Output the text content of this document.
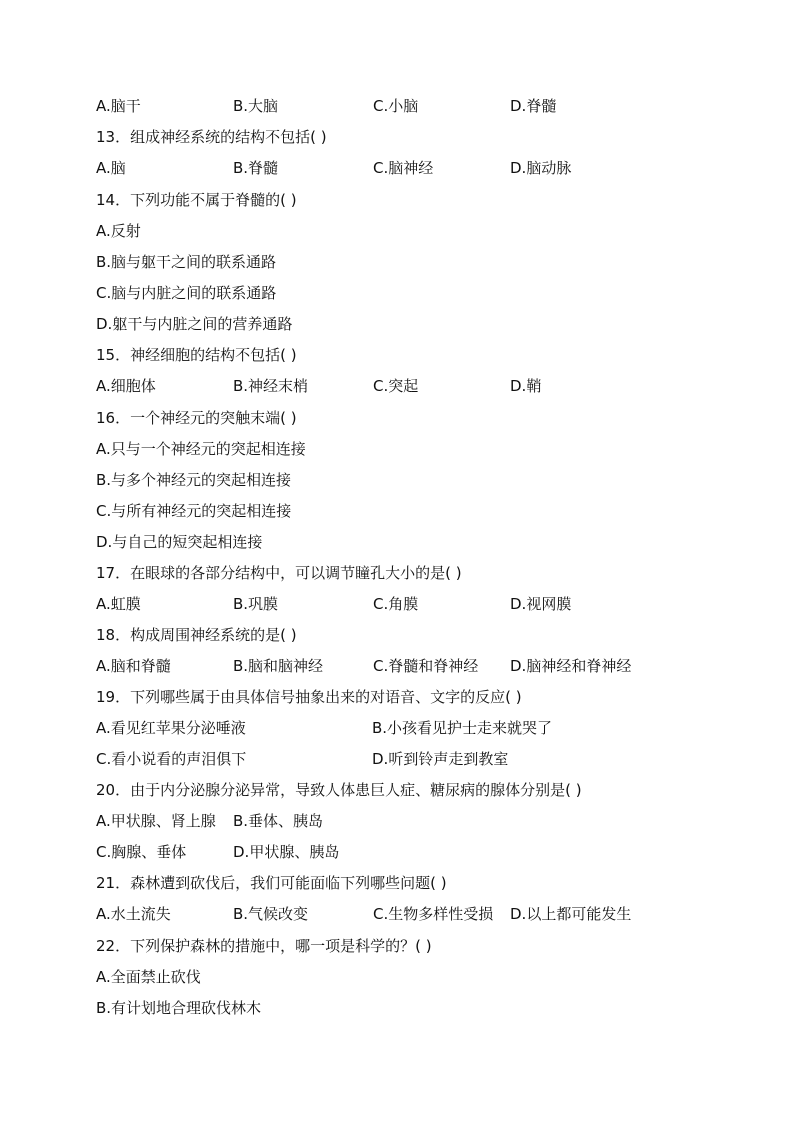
A.脑干	B.大脑	C.小脑	D.脊髓
13．组成神经系统的结构不包括( )
A.脑	B.脊髓	C.脑神经	D.脑动脉
14．下列功能不属于脊髓的( )
A.反射
B.脑与躯干之间的联系通路
C.脑与内脏之间的联系通路
D.躯干与内脏之间的营养通路
15．神经细胞的结构不包括( )
A.细胞体	B.神经末梢	C.突起	D.鞘
16．一个神经元的突触末端( )
A.只与一个神经元的突起相连接
B.与多个神经元的突起相连接
C.与所有神经元的突起相连接
D.与自己的短突起相连接
17．在眼球的各部分结构中，可以调节瞳孔大小的是( )
A.虹膜	B.巩膜	C.角膜	D.视网膜
18．构成周围神经系统的是( )
A.脑和脊髓	B.脑和脑神经	C.脊髓和脊神经 D.脑神经和脊神经
19．下列哪些属于由具体信号抽象出来的对语音、文字的反应( )
A.看见红苹果分泌唾液	B.小孩看见护士走来就哭了
C.看小说看的声泪俱下	D.听到铃声走到教室
20．由于内分泌腺分泌异常，导致人体患巨人症、糖尿病的腺体分别是( )
A.甲状腺、肾上腺 B.垂体、胰岛
C.胸腺、垂体	D.甲状腺、胰岛
21．森林遭到砍伐后，我们可能面临下列哪些问题( )
A.水土流失	B.气候改变	C.生物多样性受损 D.以上都可能发生
22．下列保护森林的措施中，哪一项是科学的？( )
A.全面禁止砍伐
B.有计划地合理砍伐林木
